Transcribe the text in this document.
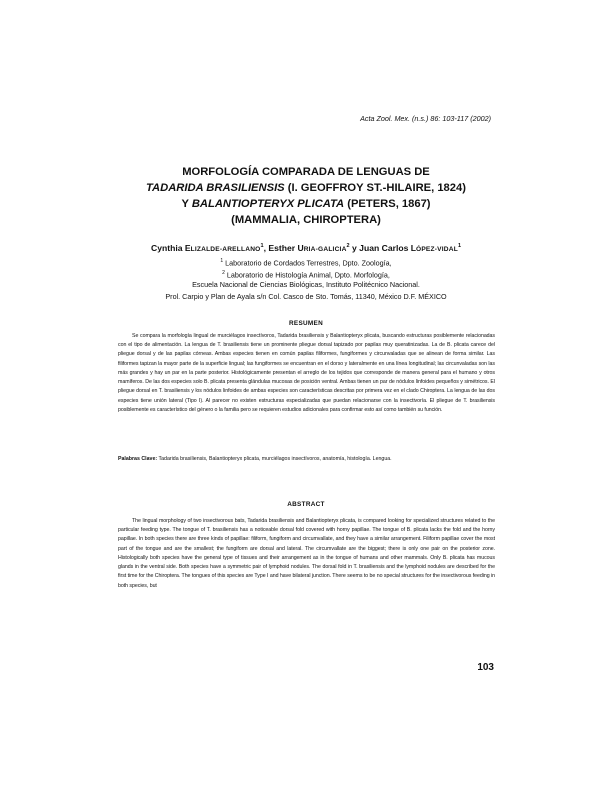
Acta Zool. Mex. (n.s.) 86: 103-117 (2002)
MORFOLOGÍA COMPARADA DE LENGUAS DE
TADARIDA BRASILIENSIS (I. GEOFFROY ST.-HILAIRE, 1824)
Y BALANTIOPTERYX PLICATA (PETERS, 1867)
(MAMMALIA, CHIROPTERA)
Cynthia ELIZALDE-ARELLANO$^1$, Esther URIA-GALICIA$^2$ y Juan Carlos LÓPEZ-VIDAL$^1$
$^1$ Laboratorio de Cordados Terrestres, Dpto. Zoología,
$^2$ Laboratorio de Histología Animal, Dpto. Morfología,
Escuela Nacional de Ciencias Biológicas, Instituto Politécnico Nacional.
Prol. Carpio y Plan de Ayala s/n Col. Casco de Sto. Tomás, 11340, México D.F. MÉXICO
RESUMEN
Se compara la morfología lingual de murciélagos insectívoros, Tadarida brasiliensis y Balantiopteryx plicata, buscando estructuras posiblemente relacionadas con el tipo de alimentación. La lengua de T. brasiliensis tiene un prominente pliegue dorsal tapizado por papilas muy queratinizadas. La de B. plicata carece del pliegue dorsal y de las papilas córneas. Ambas especies tienen en común papilas filiformes, fungiformes y circunvaladas que se alinean de forma similar. Las filiformes tapizan la mayor parte de la superficie lingual; las fungiformes se encuentran en el dorso y lateralmente en una línea longitudinal; las circunvaladas son las más grandes y hay un par en la parte posterior. Histológicamente presentan el arreglo de los tejidos que corresponde de manera general para el humano y otros mamíferos. De las dos especies solo B. plicata presenta glándulas mucosas de posición ventral. Ambas tienen un par de nódulos linfoides pequeños y simétricos. El pliegue dorsal en T. brasiliensis y los nódulos linfoides de ambas especies son características descritas por primera vez en el clado Chiroptera. La lengua de las dos especies tiene unión lateral (Tipo I). Al parecer no existen estructuras especializadas que puedan relacionarse con la insectivoría. El pliegue de T. brasiliensis posiblemente es característico del género o la familia pero se requieren estudios adicionales para confirmar esto así como también su función.
Palabras Clave: Tadarida brasiliensis, Balantiopteryx plicata, murciélagos insectívoros, anatomía, histología. Lengua.
ABSTRACT
The lingual morphology of two insectivorous bats, Tadarida brasiliensis and Balantiopteryx plicata, is compared looking for specialized structures related to the particular feeding type. The tongue of T. brasiliensis has a noticeable dorsal fold covered with horny papillae. The tongue of B. plicata lacks the fold and the horny papillae. In both species there are three kinds of papillae: filiform, fungiform and circumvallate, and they have a similar arrangement. Filiform papillae cover the most part of the tongue and are the smallest; the fungiform are dorsal and lateral. The circumvallate are the biggest; there is only one pair on the posterior zone. Histologically both species have the general type of tissues and their arrangement as in the tongue of humans and other mammals. Only B. plicata has mucous glands in the ventral side. Both species have a symmetric pair of lymphoid nodules. The dorsal fold in T. brasiliensis and the lymphoid nodules are described for the first time for the Chiroptera. The tongues of this species are Type I and have bilateral junction. There seems to be no special structures for the insectivorous feeding in both species, but
103
